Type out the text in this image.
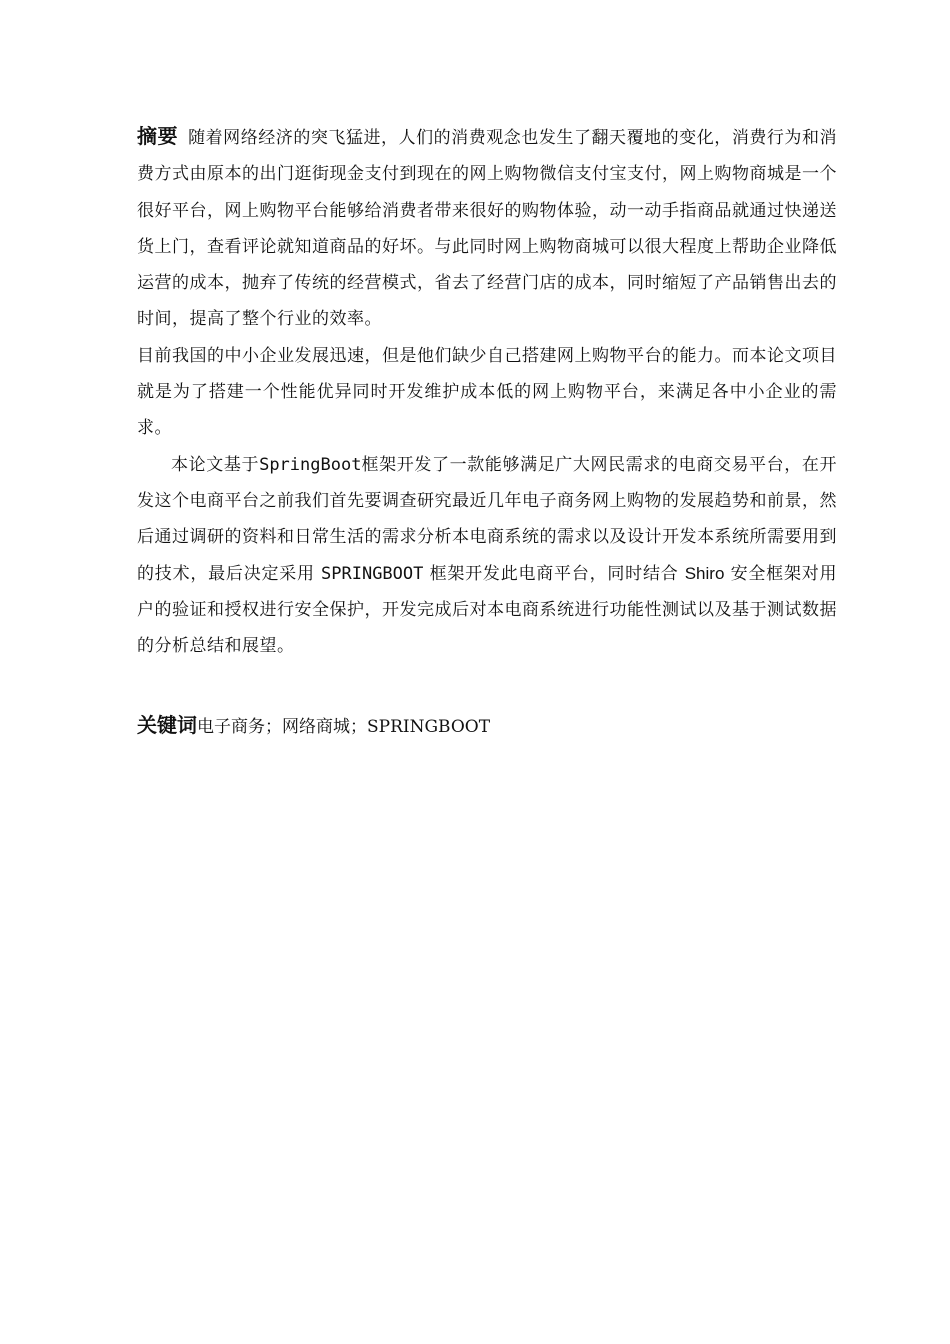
摘要 随着网络经济的突飞猛进，人们的消费观念也发生了翻天覆地的变化，消费行为和消费方式由原本的出门逛街现金支付到现在的网上购物微信支付宝支付，网上购物商城是一个很好平台，网上购物平台能够给消费者带来很好的购物体验，动一动手指商品就通过快递送货上门，查看评论就知道商品的好坏。与此同时网上购物商城可以很大程度上帮助企业降低运营的成本，抛弃了传统的经营模式，省去了经营门店的成本，同时缩短了产品销售出去的时间，提高了整个行业的效率。

目前我国的中小企业发展迅速，但是他们缺少自己搭建网上购物平台的能力。而本论文项目就是为了搭建一个性能优异同时开发维护成本低的网上购物平台，来满足各中小企业的需求。

本论文基于SpringBoot框架开发了一款能够满足广大网民需求的电商交易平台，在开发这个电商平台之前我们首先要调查研究最近几年电子商务网上购物的发展趋势和前景，然后通过调研的资料和日常生活的需求分析本电商系统的需求以及设计开发本系统所需要用到的技术，最后决定采用 SPRINGBOOT 框架开发此电商平台，同时结合 Shiro 安全框架对用户的验证和授权进行安全保护，开发完成后对本电商系统进行功能性测试以及基于测试数据的分析总结和展望。

关键词电子商务；网络商城；SPRINGBOOT
